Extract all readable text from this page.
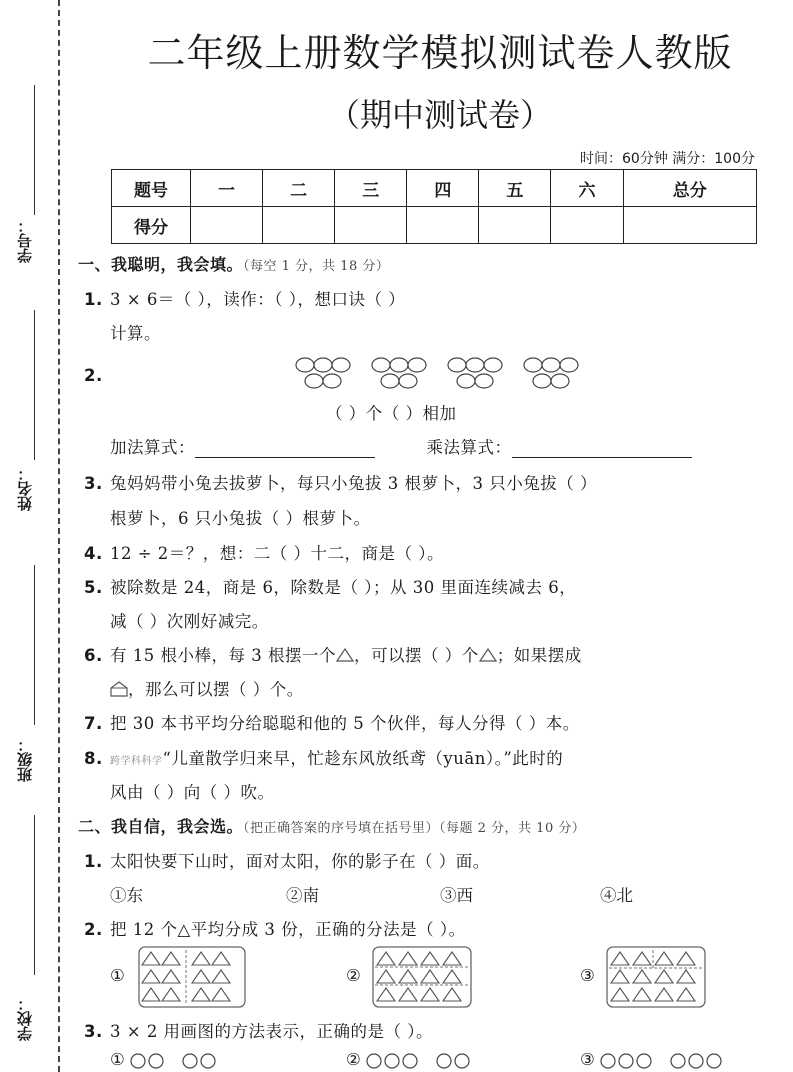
学号：
姓名：
班级：
学校：
二年级上册数学模拟测试卷人教版
（期中测试卷）
时间：60分钟 满分：100分
题号	一	二	三	四	五	六	总分
得分							
一、我聪明，我会填。（每空 1 分，共 18 分）
1. 3 × 6＝（ ），读作：（ ），想口诀（ ）
计算。
2.
（ ）个（ ）相加
加法算式：	乘法算式：
3. 兔妈妈带小兔去拔萝卜，每只小兔拔 3 根萝卜，3 只小兔拔（ ）
根萝卜，6 只小兔拔（ ）根萝卜。
4. 12 ÷ 2＝？，想：二（ ）十二，商是（ ）。
5. 被除数是 24，商是 6，除数是（ ）；从 30 里面连续减去 6，
减（ ）次刚好减完。
6. 有 15 根小棒，每 3 根摆一个 ，可以摆（ ）个 ；如果摆成
，那么可以摆（ ）个。
7. 把 30 本书平均分给聪聪和他的 5 个伙伴，每人分得（ ）本。
8. 跨学科科学“儿童散学归来早，忙趁东风放纸鸢（yuān）。”此时的
风由（ ）向（ ）吹。
二、我自信，我会选。（把正确答案的序号填在括号里）（每题 2 分，共 10 分）
1. 太阳快要下山时，面对太阳，你的影子在（ ）面。
①东	②南	③西	④北
2. 把 12 个△平均分成 3 份，正确的分法是（ ）。
①	②	③
3. 3 × 2 用画图的方法表示，正确的是（ ）。
①	②	③
